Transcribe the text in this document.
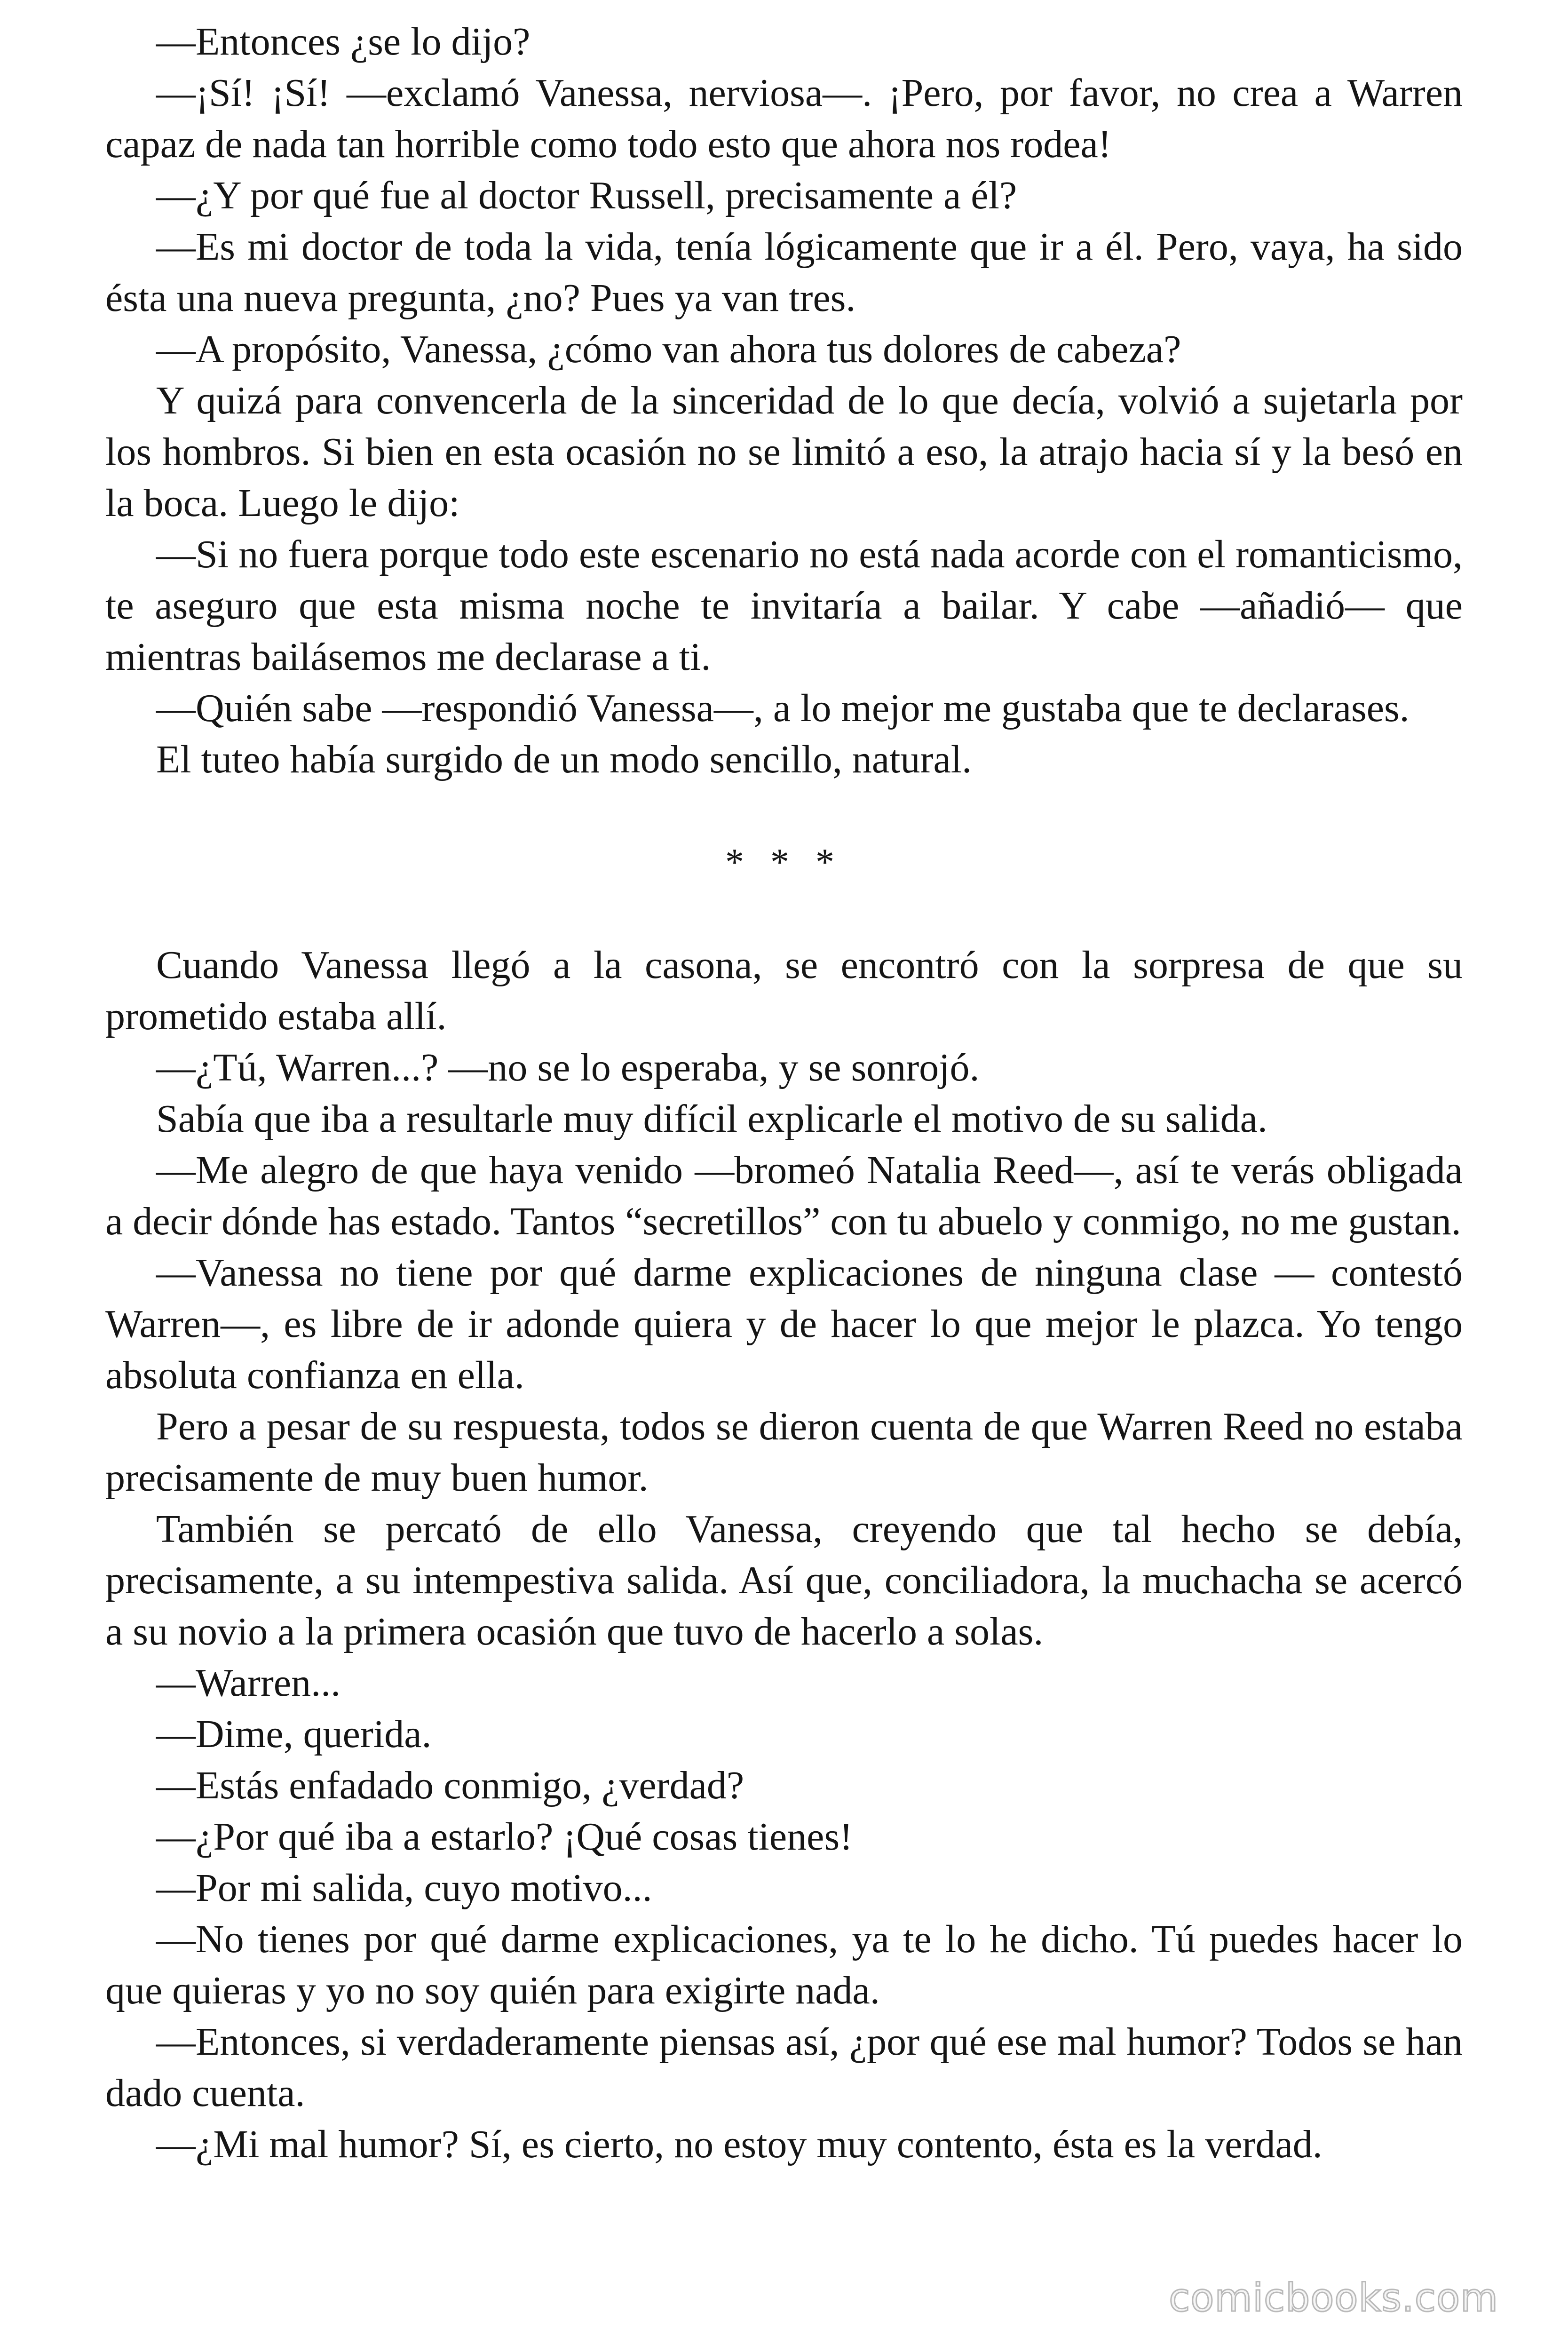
—Entonces ¿se lo dijo?

—¡Sí! ¡Sí! —exclamó Vanessa, nerviosa—. ¡Pero, por favor, no crea a Warren capaz de nada tan horrible como todo esto que ahora nos rodea!

—¿Y por qué fue al doctor Russell, precisamente a él?

—Es mi doctor de toda la vida, tenía lógicamente que ir a él. Pero, vaya, ha sido ésta una nueva pregunta, ¿no? Pues ya van tres.

—A propósito, Vanessa, ¿cómo van ahora tus dolores de cabeza?

Y quizá para convencerla de la sinceridad de lo que decía, volvió a sujetarla por los hombros. Si bien en esta ocasión no se limitó a eso, la atrajo hacia sí y la besó en la boca. Luego le dijo:

—Si no fuera porque todo este escenario no está nada acorde con el romanticismo, te aseguro que esta misma noche te invitaría a bailar. Y cabe —añadió— que mientras bailásemos me declarase a ti.

—Quién sabe —respondió Vanessa—, a lo mejor me gustaba que te declarases.

El tuteo había surgido de un modo sencillo, natural.

* * *

Cuando Vanessa llegó a la casona, se encontró con la sorpresa de que su prometido estaba allí.

—¿Tú, Warren...? —no se lo esperaba, y se sonrojó.

Sabía que iba a resultarle muy difícil explicarle el motivo de su salida.

—Me alegro de que haya venido —bromeó Natalia Reed—, así te verás obligada a decir dónde has estado. Tantos “secretillos” con tu abuelo y conmigo, no me gustan.

—Vanessa no tiene por qué darme explicaciones de ninguna clase — contestó Warren—, es libre de ir adonde quiera y de hacer lo que mejor le plazca. Yo tengo absoluta confianza en ella.

Pero a pesar de su respuesta, todos se dieron cuenta de que Warren Reed no estaba precisamente de muy buen humor.

También se percató de ello Vanessa, creyendo que tal hecho se debía, precisamente, a su intempestiva salida. Así que, conciliadora, la muchacha se acercó a su novio a la primera ocasión que tuvo de hacerlo a solas.

—Warren...

—Dime, querida.

—Estás enfadado conmigo, ¿verdad?

—¿Por qué iba a estarlo? ¡Qué cosas tienes!

—Por mi salida, cuyo motivo...

—No tienes por qué darme explicaciones, ya te lo he dicho. Tú puedes hacer lo que quieras y yo no soy quién para exigirte nada.

—Entonces, si verdaderamente piensas así, ¿por qué ese mal humor? Todos se han dado cuenta.

—¿Mi mal humor? Sí, es cierto, no estoy muy contento, ésta es la verdad.

comicbooks.com
